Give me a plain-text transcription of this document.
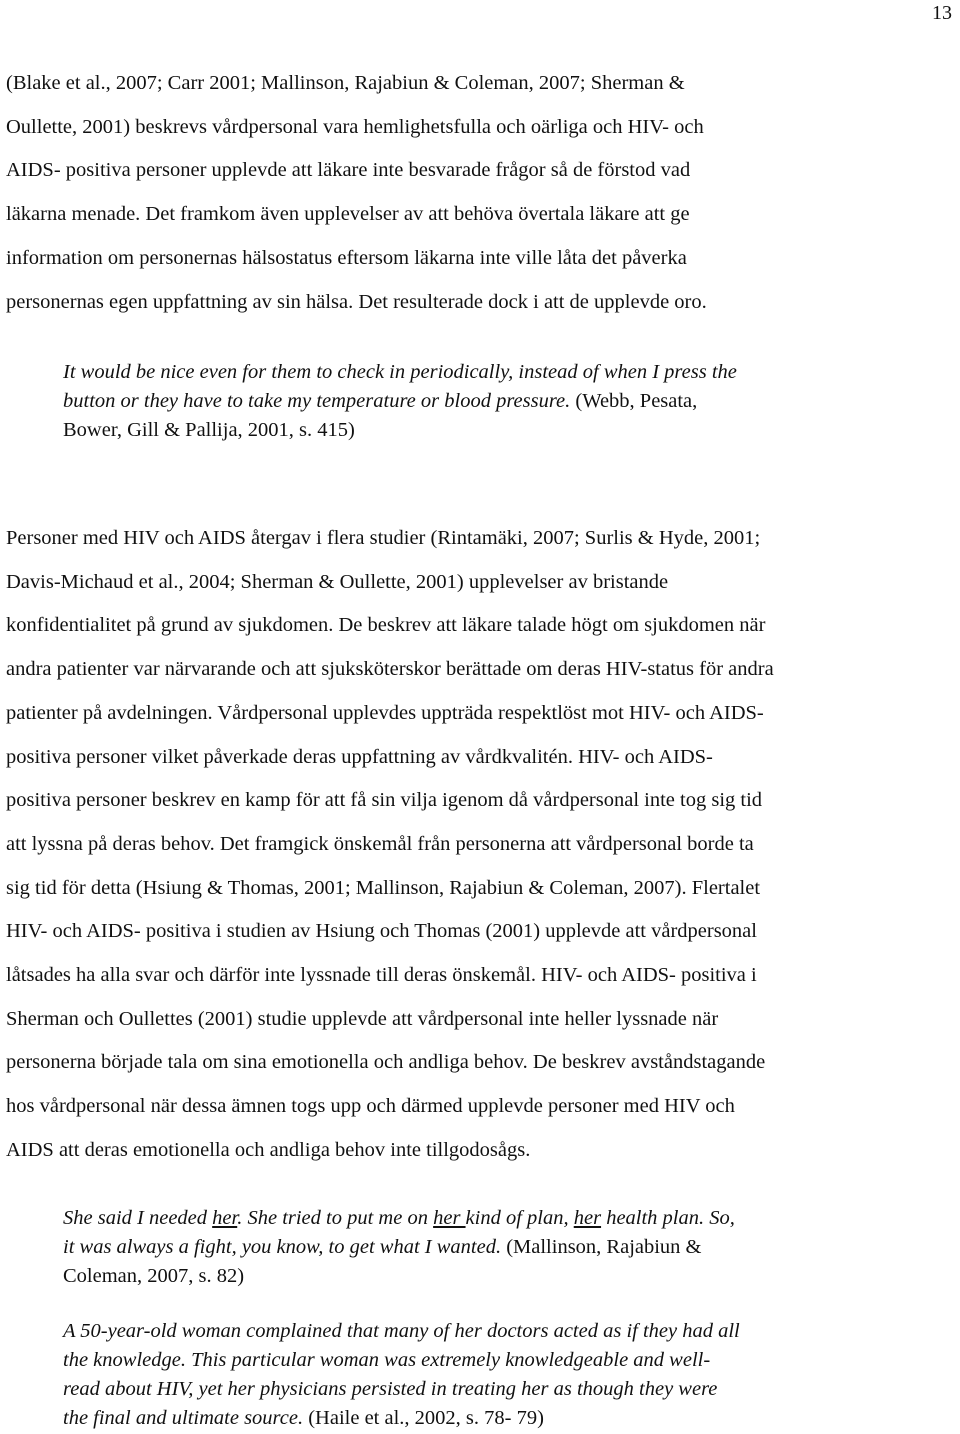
13

(Blake et al., 2007; Carr 2001; Mallinson, Rajabiun & Coleman, 2007; Sherman &
Oullette, 2001) beskrevs vårdpersonal vara hemlighetsfulla och oärliga och HIV- och
AIDS- positiva personer upplevde att läkare inte besvarade frågor så de förstod vad
läkarna menade. Det framkom även upplevelser av att behöva övertala läkare att ge
information om personernas hälsostatus eftersom läkarna inte ville låta det påverka
personernas egen uppfattning av sin hälsa. Det resulterade dock i att de upplevde oro.

It would be nice even for them to check in periodically, instead of when I press the
button or they have to take my temperature or blood pressure. (Webb, Pesata,
Bower, Gill & Pallija, 2001, s. 415)

Personer med HIV och AIDS återgav i flera studier (Rintamäki, 2007; Surlis & Hyde, 2001;
Davis-Michaud et al., 2004; Sherman & Oullette, 2001) upplevelser av bristande
konfidentialitet på grund av sjukdomen. De beskrev att läkare talade högt om sjukdomen när
andra patienter var närvarande och att sjuksköterskor berättade om deras HIV-status för andra
patienter på avdelningen. Vårdpersonal upplevdes uppträda respektlöst mot HIV- och AIDS-
positiva personer vilket påverkade deras uppfattning av vårdkvalitén. HIV- och AIDS-
positiva personer beskrev en kamp för att få sin vilja igenom då vårdpersonal inte tog sig tid
att lyssna på deras behov. Det framgick önskemål från personerna att vårdpersonal borde ta
sig tid för detta (Hsiung & Thomas, 2001; Mallinson, Rajabiun & Coleman, 2007). Flertalet
HIV- och AIDS- positiva i studien av Hsiung och Thomas (2001) upplevde att vårdpersonal
låtsades ha alla svar och därför inte lyssnade till deras önskemål. HIV- och AIDS- positiva i
Sherman och Oullettes (2001) studie upplevde att vårdpersonal inte heller lyssnade när
personerna började tala om sina emotionella och andliga behov. De beskrev avståndstagande
hos vårdpersonal när dessa ämnen togs upp och därmed upplevde personer med HIV och
AIDS att deras emotionella och andliga behov inte tillgodosågs.

She said I needed her. She tried to put me on her kind of plan, her health plan. So,
it was always a fight, you know, to get what I wanted. (Mallinson, Rajabiun &
Coleman, 2007, s. 82)
A 50-year-old woman complained that many of her doctors acted as if they had all
the knowledge. This particular woman was extremely knowledgeable and well-
read about HIV, yet her physicians persisted in treating her as though they were
the final and ultimate source. (Haile et al., 2002, s. 78- 79)
